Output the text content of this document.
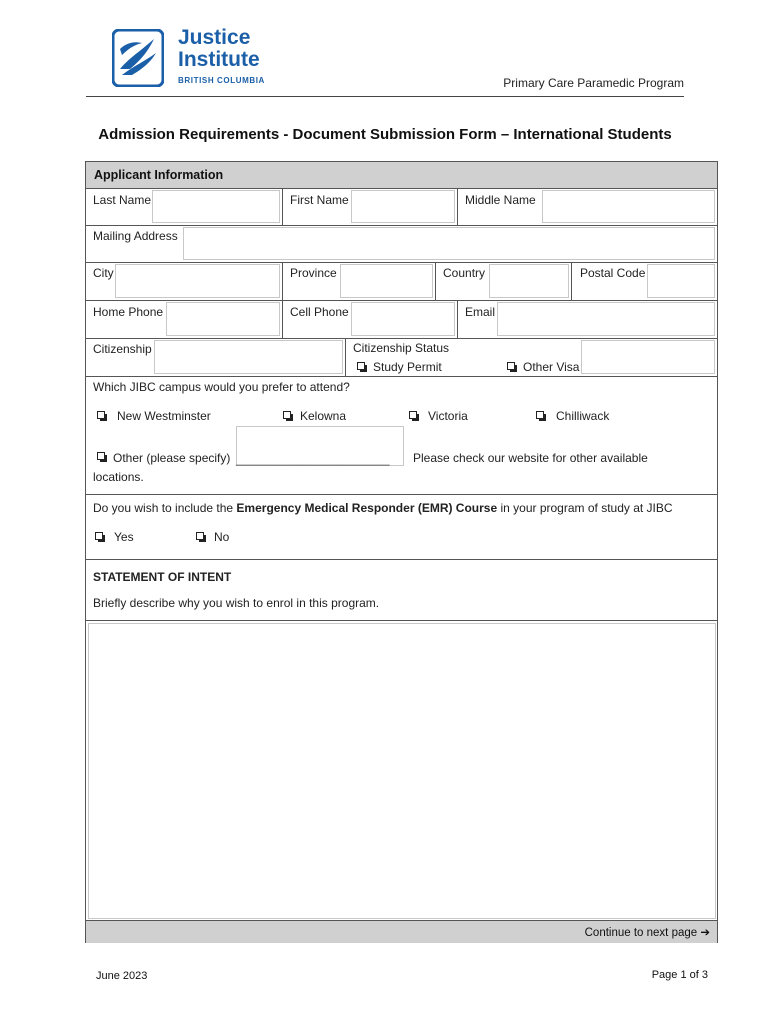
Justice
Institute
BRITISH COLUMBIA	Primary Care Paramedic Program
Admission Requirements - Document Submission Form – International Students
Applicant Information
Last Name	First Name	Middle Name
Mailing Address
City	Province	Country	Postal Code
Home Phone	Cell Phone	Email
Citizenship	Citizenship Status
Study Permit	Other Visa
Which JIBC campus would you prefer to attend?
New Westminster	Kelowna	Victoria	Chilliwack
Other (please specify) _______________________ Please check our website for other available
locations.
Do you wish to include the Emergency Medical Responder (EMR) Course in your program of study at JIBC
Yes	No
STATEMENT OF INTENT
Briefly describe why you wish to enrol in this program.
Continue to next page ➔
June 2023	Page 1 of 3
